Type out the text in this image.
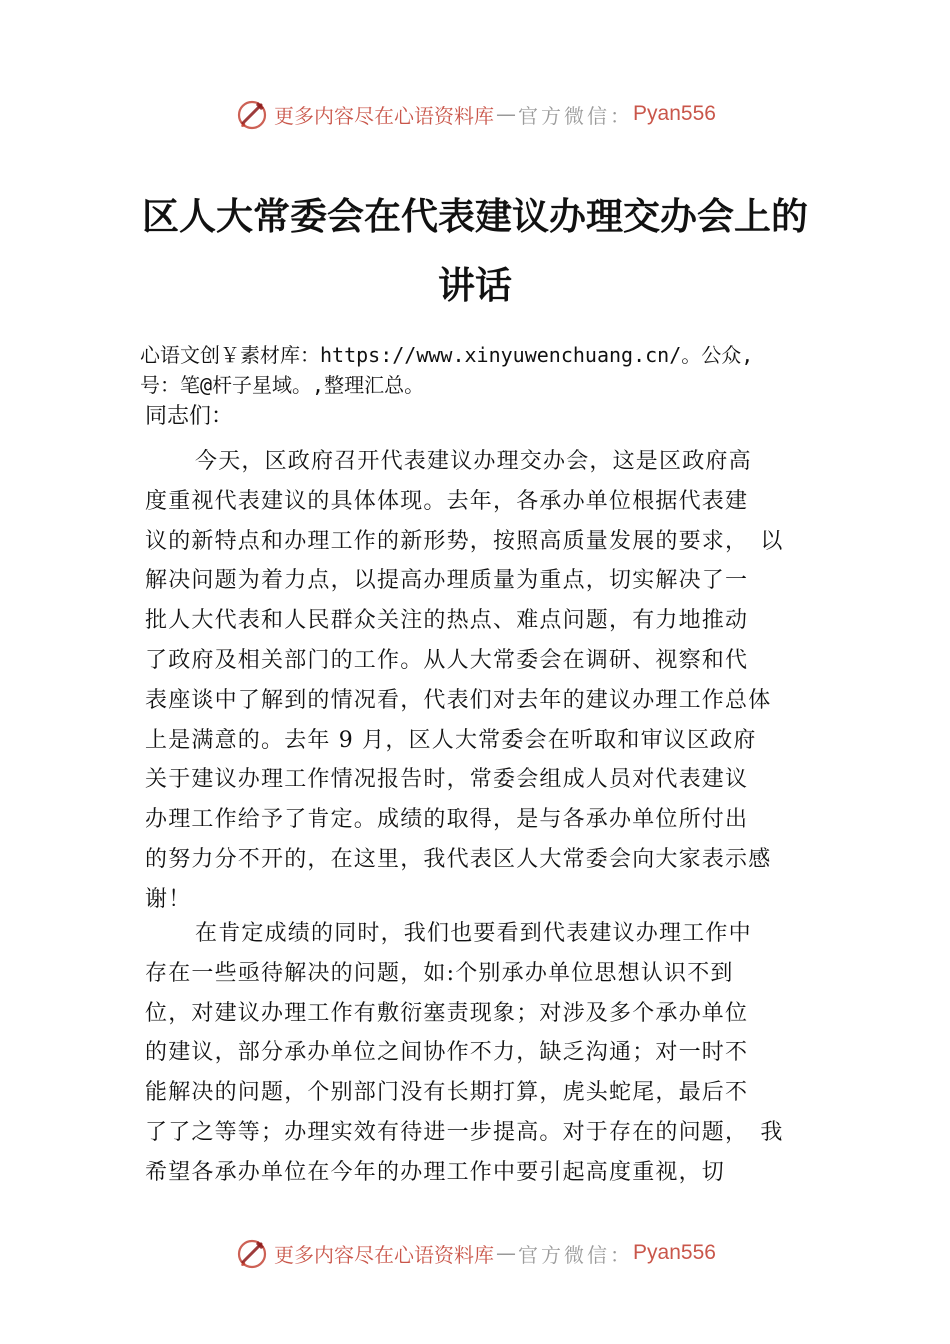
更多内容尽在心语资料库 — 官方微信： Pyan556
区人大常委会在代表建议办理交办会上的
讲话
心语文创￥素材库：https://www.xinyuwenchuang.cn/。公众,
号：笔@杆子星域。,整理汇总。
同志们：
今天，区政府召开代表建议办理交办会，这是区政府高
度重视代表建议的具体体现。去年，各承办单位根据代表建
议的新特点和办理工作的新形势，按照高质量发展的要求，　以
解决问题为着力点，以提高办理质量为重点，切实解决了一
批人大代表和人民群众关注的热点、难点问题，有力地推动
了政府及相关部门的工作。从人大常委会在调研、视察和代
表座谈中了解到的情况看，代表们对去年的建议办理工作总体
上是满意的。去年 9 月，区人大常委会在听取和审议区政府
关于建议办理工作情况报告时，常委会组成人员对代表建议
办理工作给予了肯定。成绩的取得，是与各承办单位所付出
的努力分不开的，在这里，我代表区人大常委会向大家表示感
谢！
在肯定成绩的同时，我们也要看到代表建议办理工作中
存在一些亟待解决的问题，如:个别承办单位思想认识不到
位，对建议办理工作有敷衍塞责现象；对涉及多个承办单位
的建议，部分承办单位之间协作不力，缺乏沟通；对一时不
能解决的问题，个别部门没有长期打算，虎头蛇尾，最后不
了了之等等；办理实效有待进一步提高。对于存在的问题，　我
希望各承办单位在今年的办理工作中要引起高度重视，切
更多内容尽在心语资料库 — 官方微信： Pyan556
